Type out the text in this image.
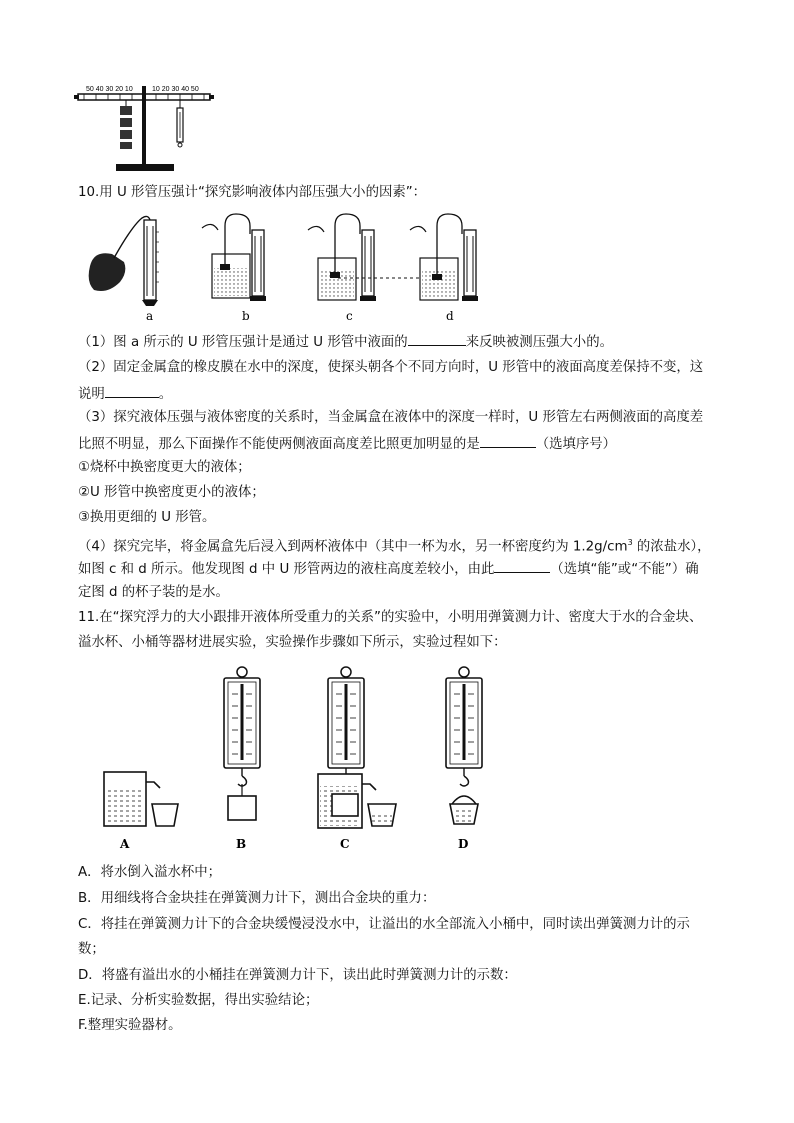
50 40 30 20 10	10 20 30 40 50
10.用 U 形管压强计“探究影响液体内部压强大小的因素”：
a	b	c	d
（1）图 a 所示的 U 形管压强计是通过 U 形管中液面的	来反映被测压强大小的。
（2）固定金属盒的橡皮膜在水中的深度，使探头朝各个不同方向时，U 形管中的液面高度差保持不变，这
说明	。
（3）探究液体压强与液体密度的关系时，当金属盒在液体中的深度一样时，U 形管左右两侧液面的高度差
比照不明显，那么下面操作不能使两侧液面高度差比照更加明显的是	（选填序号）
①烧杯中换密度更大的液体；
②U 形管中换密度更小的液体；
③换用更细的 U 形管。
（4）探究完毕，将金属盒先后浸入到两杯液体中（其中一杯为水，另一杯密度约为 $1.2g/cm^3$ 的浓盐水），
如图 c 和 d 所示。他发现图 d 中 U 形管两边的液柱高度差较小，由此	（选填“能”或“不能”）确
定图 d 的杯子装的是水。
11.在“探究浮力的大小跟排开液体所受重力的关系”的实验中，小明用弹簧测力计、密度大于水的合金块、
溢水杯、小桶等器材进展实验，实验操作步骤如下所示，实验过程如下：
A	B	C	D
A．将水倒入溢水杯中；
B．用细线将合金块挂在弹簧测力计下，测出合金块的重力：
C．将挂在弹簧测力计下的合金块缓慢浸没水中，让溢出的水全部流入小桶中，同时读出弹簧测力计的示
数；
D．将盛有溢出水的小桶挂在弹簧测力计下，读出此时弹簧测力计的示数：
E.记录、分析实验数据，得出实验结论；
F.整理实验器材。
